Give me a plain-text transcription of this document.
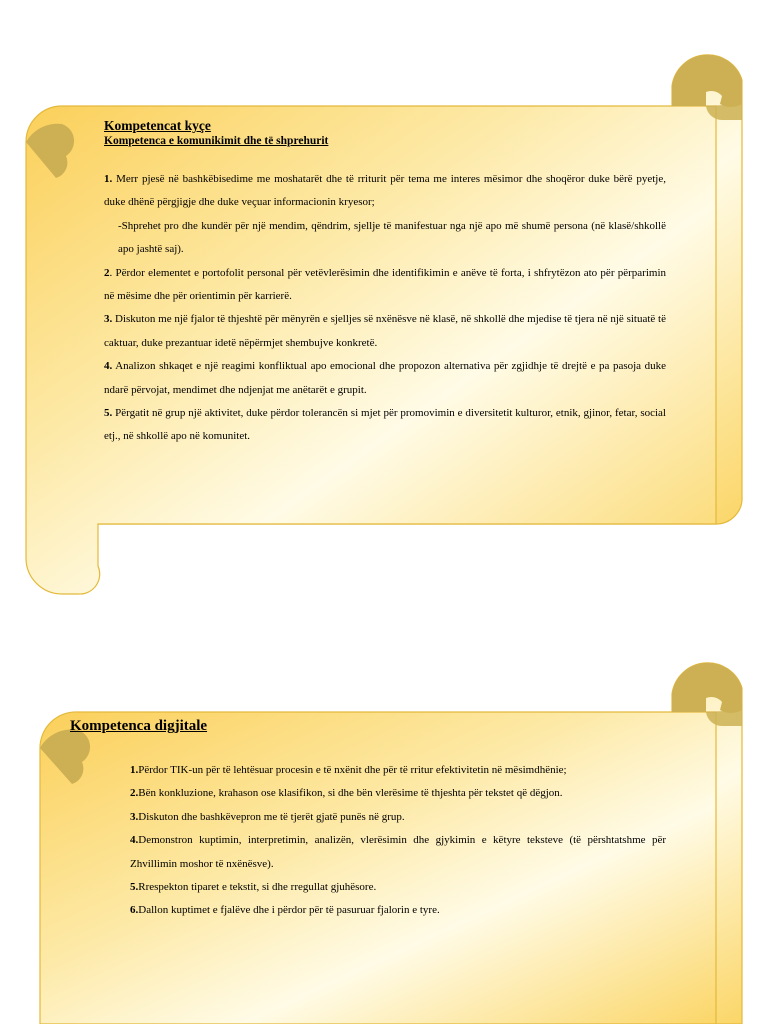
Kompetencat kyçe

Kompetenca e komunikimit dhe të shprehurit

1. Merr pjesë në bashkëbisedime me moshatarët dhe të rriturit për tema me interes mësimor dhe shoqëror duke bërë pyetje, duke dhënë përgjigje dhe duke veçuar informacionin kryesor;

-Shprehet pro dhe kundër për një mendim, qëndrim, sjellje të manifestuar nga një apo më shumë persona (në klasë/shkollë apo jashtë saj).

2. Përdor elementet e portofolit personal për vetëvlerësimin dhe identifikimin e anëve të forta, i shfrytëzon ato për përparimin në mësime dhe për orientimin për karrierë.

3. Diskuton me një fjalor të thjeshtë për mënyrën e sjelljes së nxënësve në klasë, në shkollë dhe mjedise të tjera në një situatë të caktuar, duke prezantuar idetë nëpërmjet shembujve konkretë.

4. Analizon shkaqet e një reagimi konfliktual apo emocional dhe propozon alternativa për zgjidhje të drejtë e pa pasoja duke ndarë përvojat, mendimet dhe ndjenjat me anëtarët e grupit.

5. Përgatit në grup një aktivitet, duke përdor tolerancën si mjet për promovimin e diversitetit kulturor, etnik, gjinor, fetar, social etj., në shkollë apo në komunitet.

Kompetenca digjitale

1.Përdor TIK-un për të lehtësuar procesin e të nxënit dhe për të rritur efektivitetin në mësimdhënie;

2.Bën konkluzione, krahason ose klasifikon, si dhe bën vlerësime të thjeshta për tekstet që dëgjon.

3.Diskuton dhe bashkëvepron me të tjerët gjatë punës në grup.

4.Demonstron kuptimin, interpretimin, analizën, vlerësimin dhe gjykimin e këtyre teksteve (të përshtatshme për Zhvillimin moshor të nxënësve).

5.Rrespekton tiparet e tekstit, si dhe rregullat gjuhësore.

6.Dallon kuptimet e fjalëve dhe i përdor për të pasuruar fjalorin e tyre.
